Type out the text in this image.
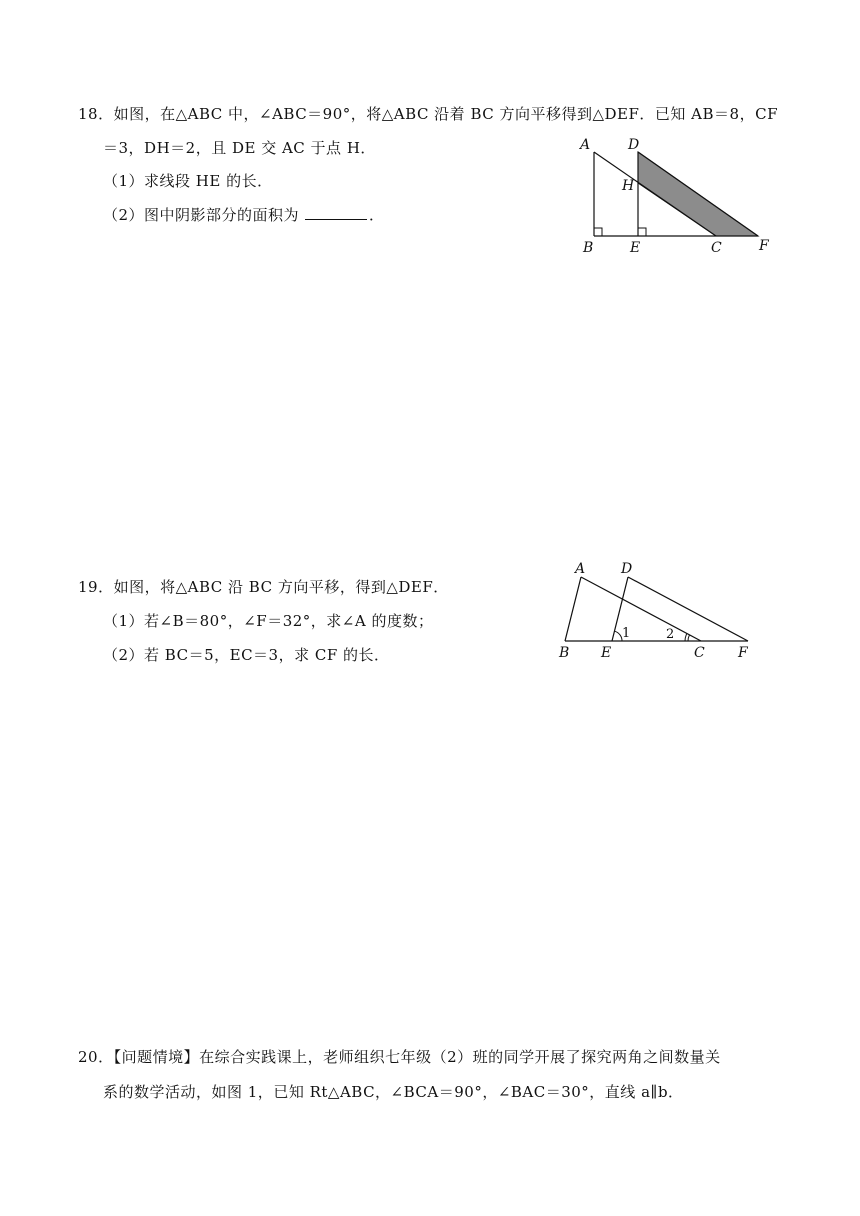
18．如图，在△ABC 中，∠ABC＝90°，将△ABC 沿着 BC 方向平移得到△DEF．已知 AB＝8，CF
＝3，DH＝2，且 DE 交 AC 于点 H．
（1）求线段 HE 的长．
（2）图中阴影部分的面积为	．
A	D
H
B	E	C	F
19．如图，将△ABC 沿 BC 方向平移，得到△DEF．
（1）若∠B＝80°，∠F＝32°，求∠A 的度数；
（2）若 BC＝5，EC＝3，求 CF 的长．
1	2
A	D
B E	C F
20．【问题情境】在综合实践课上，老师组织七年级（2）班的同学开展了探究两角之间数量关
系的数学活动，如图 1，已知 Rt△ABC，∠BCA＝90°，∠BAC＝30°，直线 a∥b．
